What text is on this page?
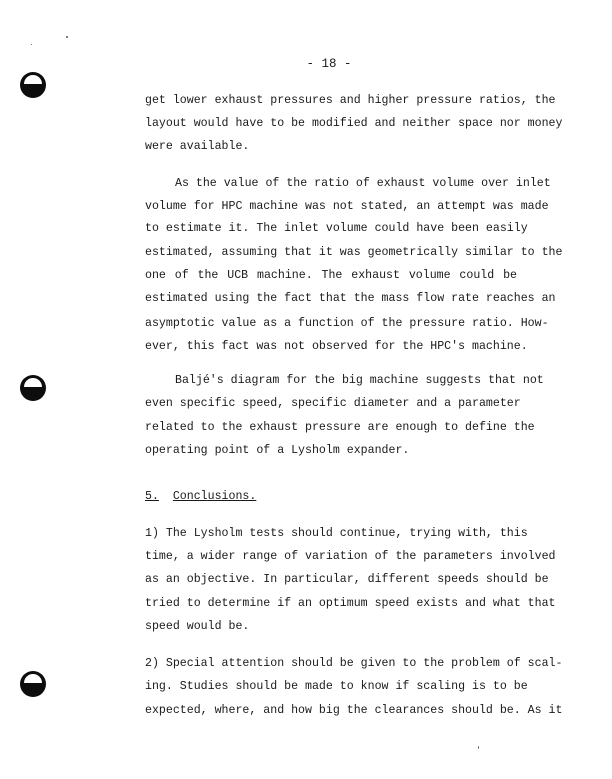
- 18 -
get lower exhaust pressures and higher pressure ratios, the
layout would have to be modified and neither space nor money
were available.
As the value of the ratio of exhaust volume over inlet
volume for HPC machine was not stated, an attempt was made
to estimate it. The inlet volume could have been easily
estimated, assuming that it was geometrically similar to the
one of the UCB machine. The exhaust volume could be
estimated using the fact that the mass flow rate reaches an
asymptotic value as a function of the pressure ratio. How-
ever, this fact was not observed for the HPC's machine.
Baljé's diagram for the big machine suggests that not
even specific speed, specific diameter and a parameter
related to the exhaust pressure are enough to define the
operating point of a Lysholm expander.
5. Conclusions.
1) The Lysholm tests should continue, trying with, this
time, a wider range of variation of the parameters involved
as an objective. In particular, different speeds should be
tried to determine if an optimum speed exists and what that
speed would be.
2) Special attention should be given to the problem of scal-
ing. Studies should be made to know if scaling is to be
expected, where, and how big the clearances should be. As it
